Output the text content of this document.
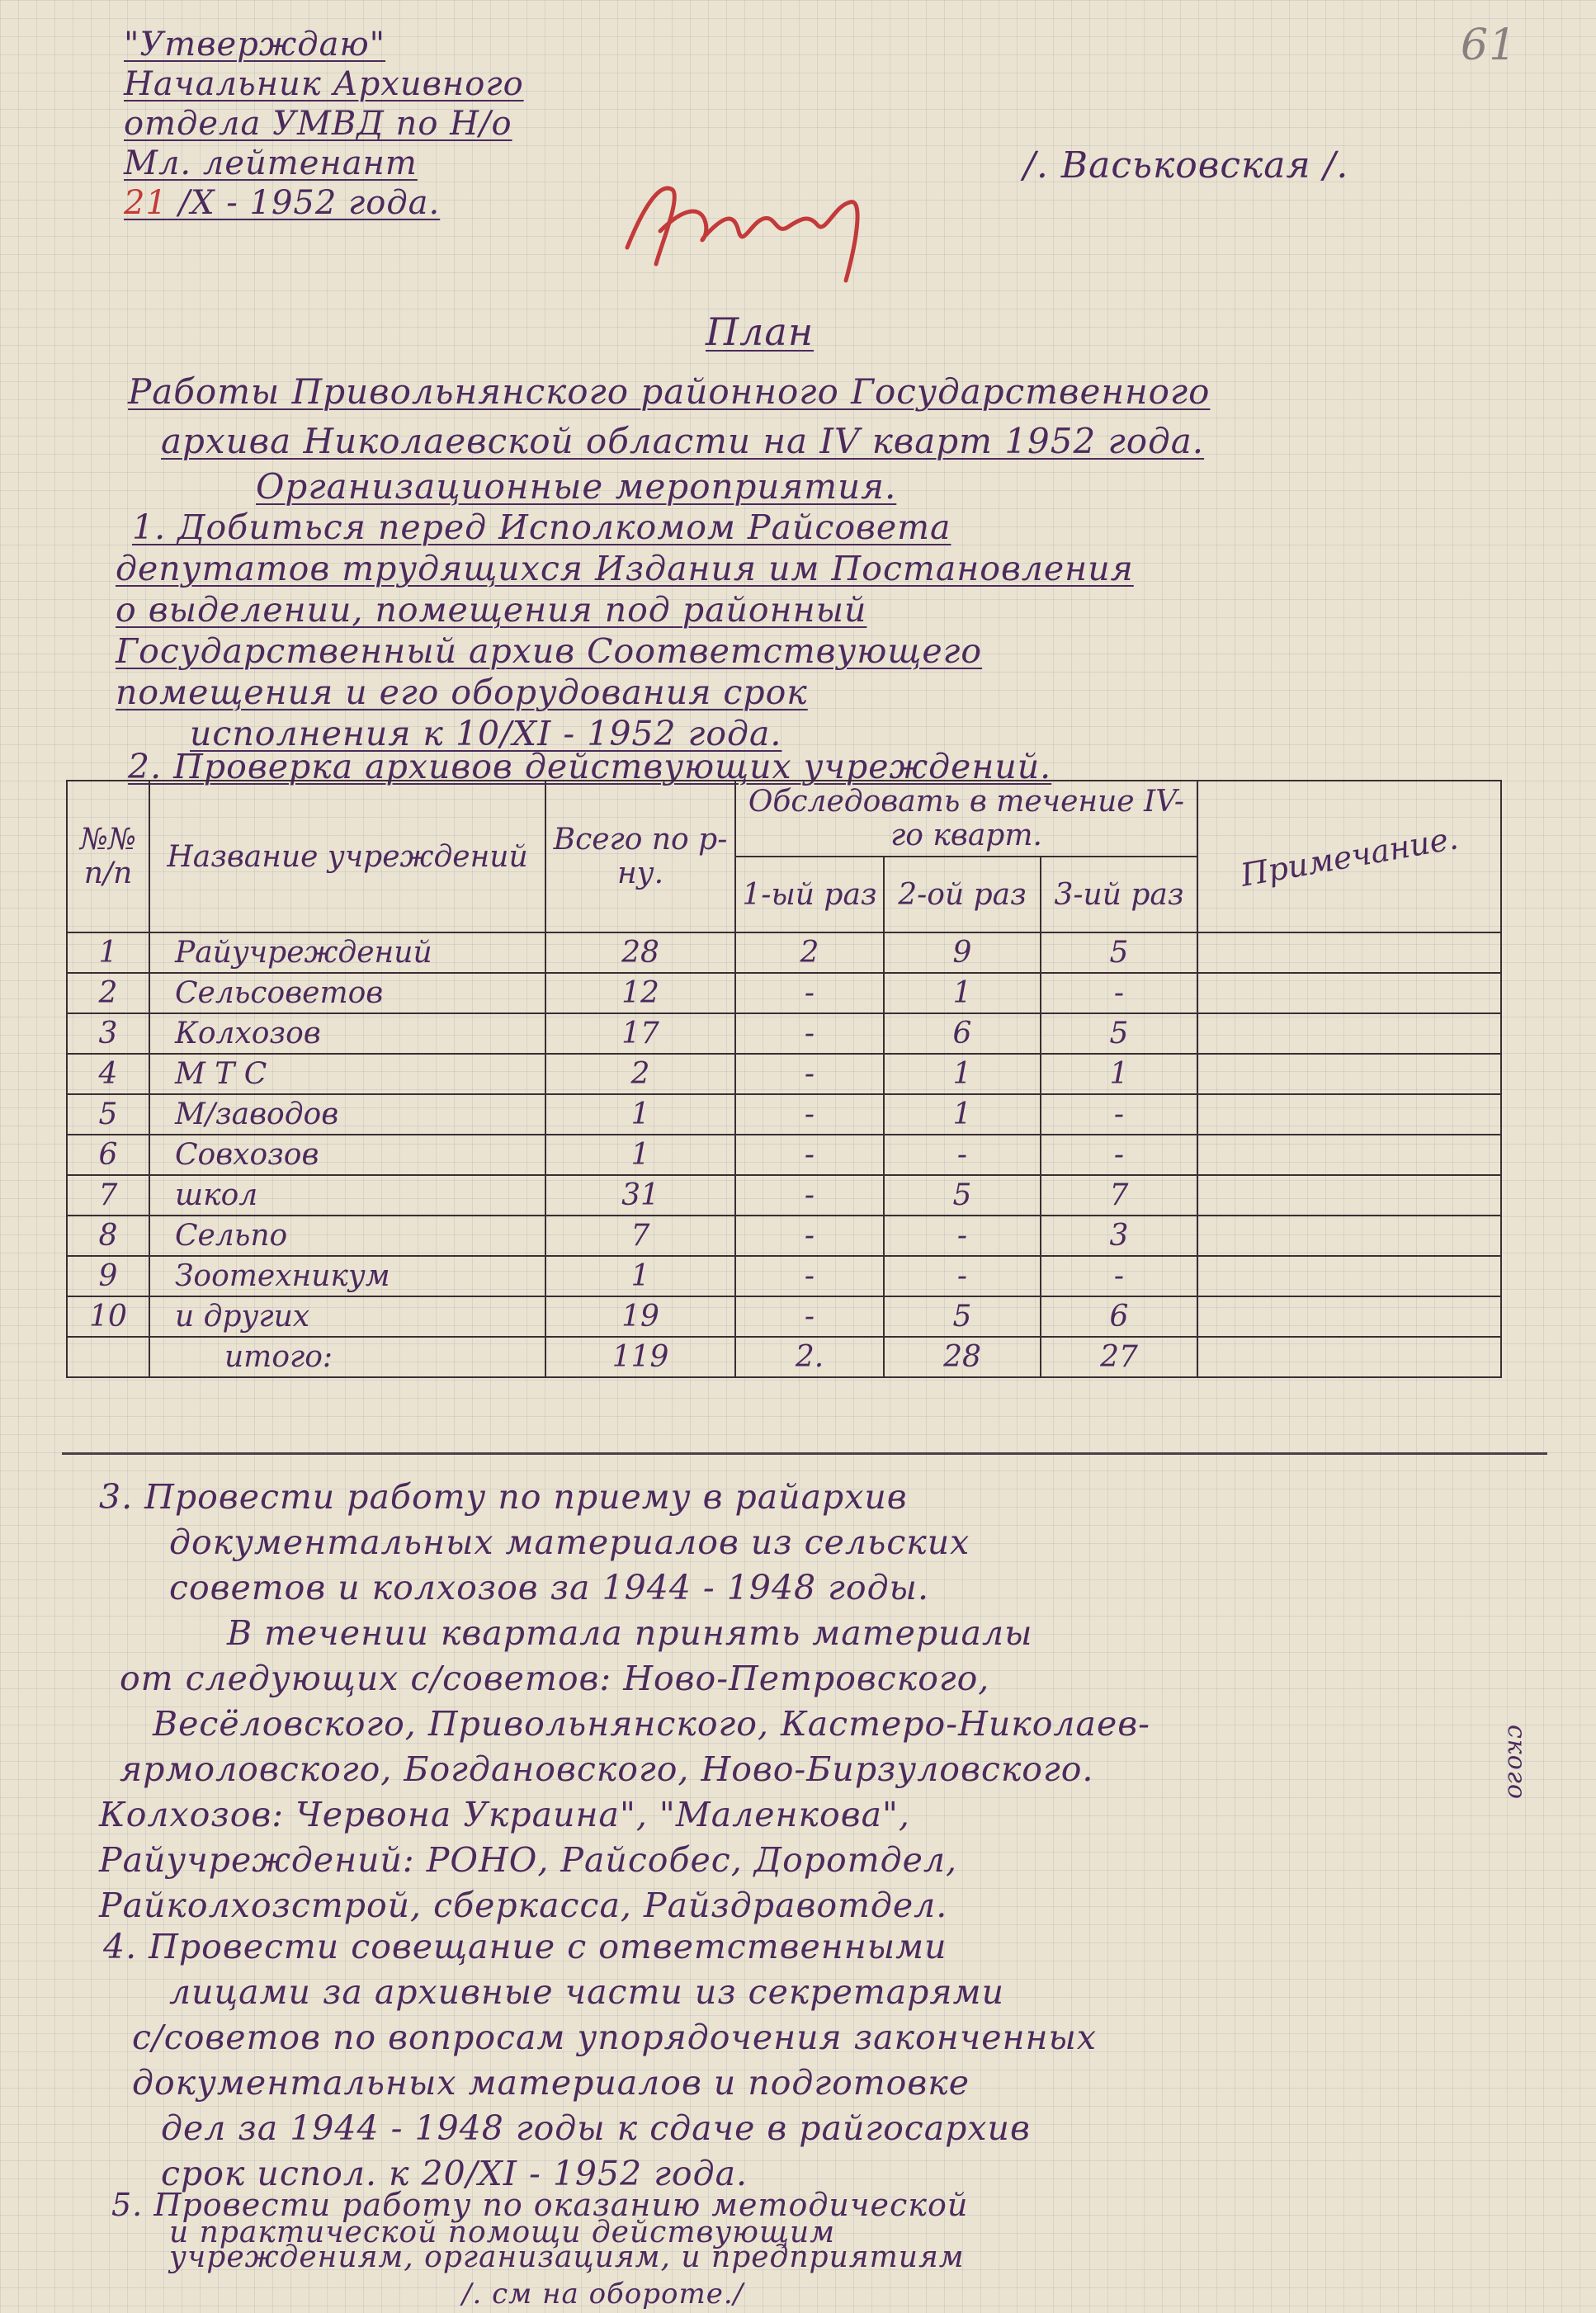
61
"Утверждаю"
Начальник Архивного
отдела УМВД по Н/о
Мл. лейтенант
21 /X - 1952 года.
/. Васьковская /.
План
Работы Привольнянского районного Государственного
архива Николаевской области на IV кварт 1952 года.
Организационные мероприятия.
1. Добиться перед Исполкомом Райсовета
депутатов трудящихся Издания им Постановления
о выделении, помещения под районный
Государственный архив Соответствующего
помещения и его оборудования срок
исполнения к 10/XI - 1952 года.
2. Проверка архивов действующих учреждений.
№№ п/п	Название учреждений	Всего по р-ну.	Обследовать в течение IV-го кварт.			Примечание.
			1-ый раз	2-ой раз	3-ий раз	
1	Райучреждений	28	2	9	5	
2	Сельсоветов	12	-	1	-	
3	Колхозов	17	-	6	5	
4	М Т С	2	-	1	1	
5	М/заводов	1	-	1	-	
6	Совхозов	1	-	-	-	
7	школ	31	-	5	7	
8	Сельпо	7	-	-	3	
9	Зоотехникум	1	-	-	-	
10	и других	19	-	5	6	
	итого:	119	2.	28	27	
3. Провести работу по приему в райархив
документальных материалов из сельских
советов и колхозов за 1944 - 1948 годы.
В течении квартала принять материалы
от следующих с/советов: Ново-Петровского,
Весёловского, Привольнянского, Кастеро-Николаев-
ярмоловского, Богдановского, Ново-Бирзуловского.
Колхозов: Червона Украина", "Маленкова",
Райучреждений: РОНО, Райсобес, Доротдел,
Райколхозстрой, сберкасса, Райздравотдел.
ского
4. Провести совещание с ответственными
лицами за архивные части из секретарями
с/советов по вопросам упорядочения законченных
документальных материалов и подготовке
дел за 1944 - 1948 годы к сдаче в райгосархив
срок испол. к 20/XI - 1952 года.
5. Провести работу по оказанию методической
и практической помощи действующим
учреждениям, организациям, и предприятиям
/. см на обороте./
